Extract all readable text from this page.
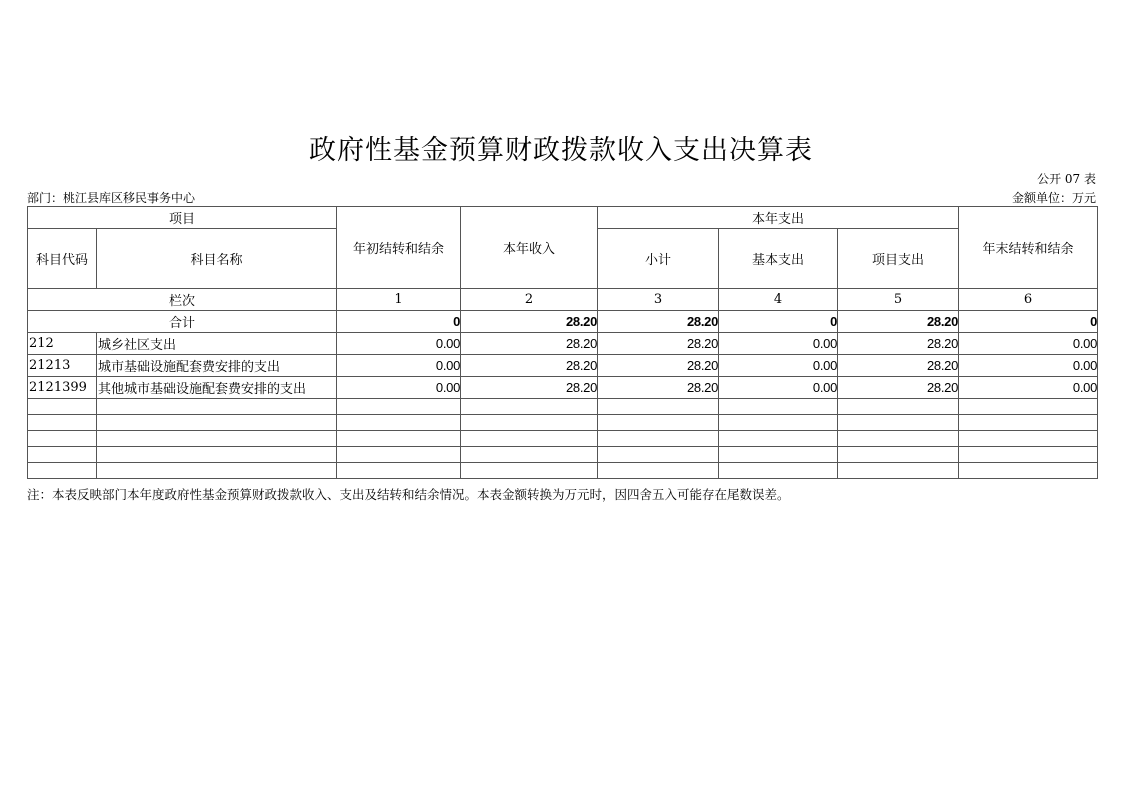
政府性基金预算财政拨款收入支出决算表
公开 07 表
部门：桃江县库区移民事务中心	金额单位：万元
项目		年初结转和结余	本年收入	本年支出			年末结转和结余
科目代码	科目名称			小计	基本支出	项目支出	

栏次		1	2	3	4	5	6
合计		0	28.20	28.20	0	28.20	0
212	城乡社区支出	0.00	28.20	28.20	0.00	28.20	0.00
21213	城市基础设施配套费安排的支出	0.00	28.20	28.20	0.00	28.20	0.00
2121399	其他城市基础设施配套费安排的支出	0.00	28.20	28.20	0.00	28.20	0.00

注：本表反映部门本年度政府性基金预算财政拨款收入、支出及结转和结余情况。本表金额转换为万元时，因四舍五入可能存在尾数误差。
